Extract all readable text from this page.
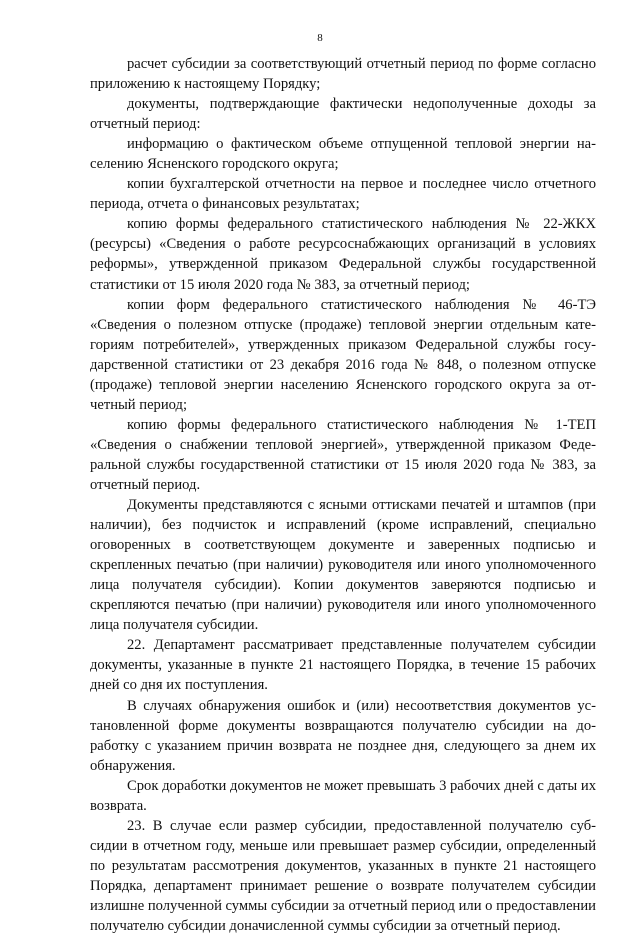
8

расчет субсидии за соответствующий отчетный период по форме согласно приложению к настоящему Порядку;

документы, подтверждающие фактически недополученные доходы за отчетный период:

информацию о фактическом объеме отпущенной тепловой энергии населению Ясненского городского округа;

копии бухгалтерской отчетности на первое и последнее число отчетного периода, отчета о финансовых результатах;

копию формы федерального статистического наблюдения № 22-ЖКХ (ресурсы) «Сведения о работе ресурсоснабжающих организаций в условиях реформы», утвержденной приказом Федеральной службы государственной статистики от 15 июля 2020 года № 383, за отчетный период;

копии форм федерального статистического наблюдения № 46-ТЭ «Сведения о полезном отпуске (продаже) тепловой энергии отдельным категориям потребителей», утвержденных приказом Федеральной службы государственной статистики от 23 декабря 2016 года № 848, о полезном отпуске (продаже) тепловой энергии населению Ясненского городского округа за отчетный период;

копию формы федерального статистического наблюдения № 1-ТЕП «Сведения о снабжении тепловой энергией», утвержденной приказом Федеральной службы государственной статистики от 15 июля 2020 года № 383, за отчетный период.

Документы представляются с ясными оттисками печатей и штампов (при наличии), без подчисток и исправлений (кроме исправлений, специально оговоренных в соответствующем документе и заверенных подписью и скрепленных печатью (при наличии) руководителя или иного уполномоченного лица получателя субсидии). Копии документов заверяются подписью и скрепляются печатью (при наличии) руководителя или иного уполномоченного лица получателя субсидии.

22. Департамент рассматривает представленные получателем субсидии документы, указанные в пункте 21 настоящего Порядка, в течение 15 рабочих дней со дня их поступления.

В случаях обнаружения ошибок и (или) несоответствия документов установленной форме документы возвращаются получателю субсидии на доработку с указанием причин возврата не позднее дня, следующего за днем их обнаружения.

Срок доработки документов не может превышать 3 рабочих дней с даты их возврата.

23. В случае если размер субсидии, предоставленной получателю субсидии в отчетном году, меньше или превышает размер субсидии, определенный по результатам рассмотрения документов, указанных в пункте 21 настоящего Порядка, департамент принимает решение о возврате получателем субсидии излишне полученной суммы субсидии за отчетный период или о предоставлении получателю субсидии доначисленной суммы субсидии за отчетный период.
